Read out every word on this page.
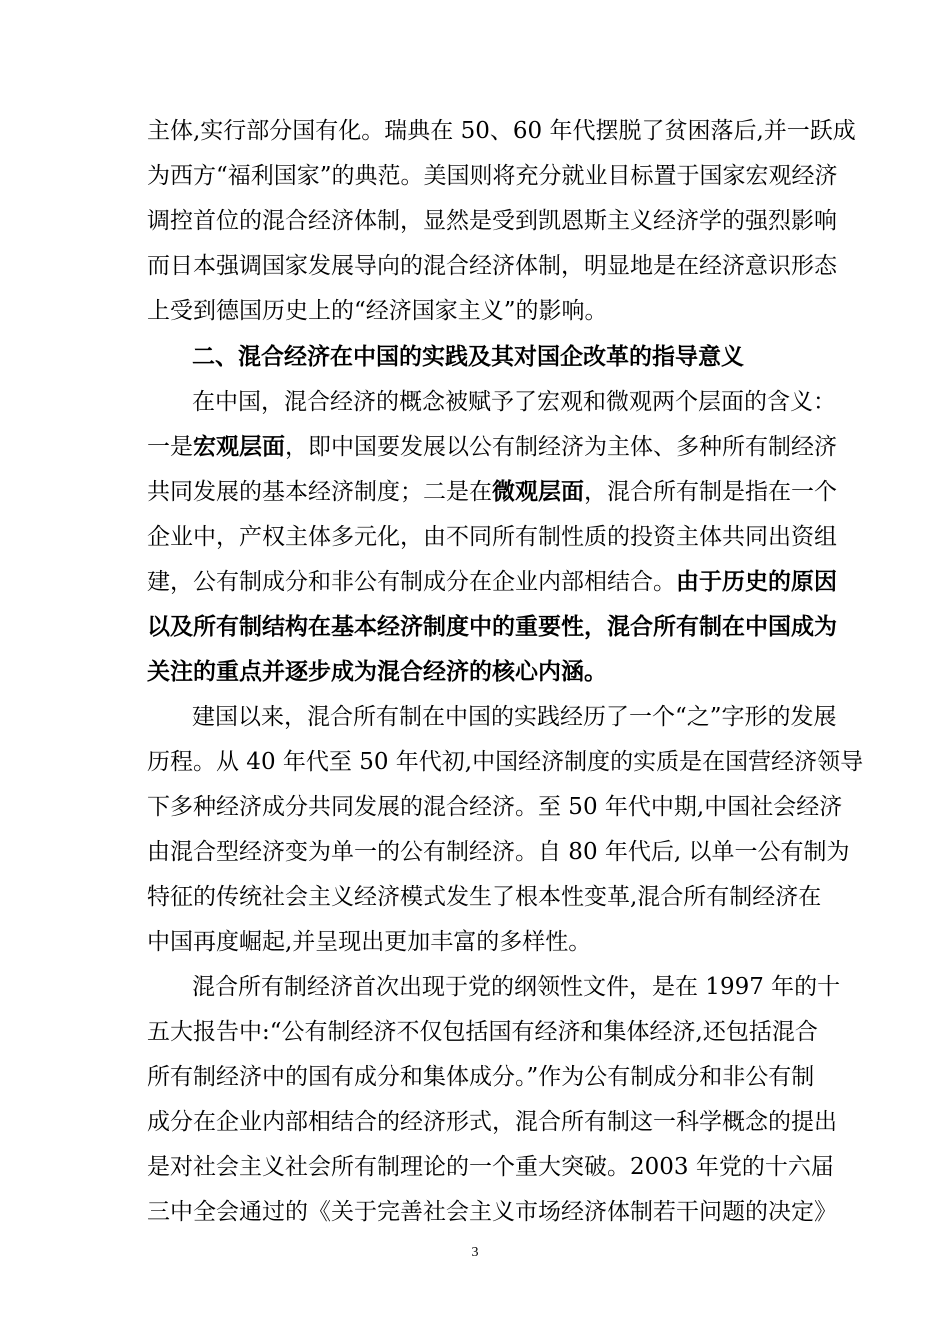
主体,实行部分国有化。瑞典在 50、60 年代摆脱了贫困落后,并一跃成
为西方“福利国家”的典范。美国则将充分就业目标置于国家宏观经济
调控首位的混合经济体制，显然是受到凯恩斯主义经济学的强烈影响
而日本强调国家发展导向的混合经济体制，明显地是在经济意识形态
上受到德国历史上的“经济国家主义”的影响。
二、混合经济在中国的实践及其对国企改革的指导意义
在中国，混合经济的概念被赋予了宏观和微观两个层面的含义：
一是宏观层面，即中国要发展以公有制经济为主体、多种所有制经济
共同发展的基本经济制度；二是在微观层面，混合所有制是指在一个
企业中，产权主体多元化，由不同所有制性质的投资主体共同出资组
建，公有制成分和非公有制成分在企业内部相结合。由于历史的原因
以及所有制结构在基本经济制度中的重要性，混合所有制在中国成为
关注的重点并逐步成为混合经济的核心内涵。
建国以来，混合所有制在中国的实践经历了一个“之”字形的发展
历程。从 40 年代至 50 年代初,中国经济制度的实质是在国营经济领导
下多种经济成分共同发展的混合经济。至 50 年代中期,中国社会经济
由混合型经济变为单一的公有制经济。自 80 年代后, 以单一公有制为
特征的传统社会主义经济模式发生了根本性变革,混合所有制经济在
中国再度崛起,并呈现出更加丰富的多样性。
混合所有制经济首次出现于党的纲领性文件，是在 1997 年的十
五大报告中:“公有制经济不仅包括国有经济和集体经济,还包括混合
所有制经济中的国有成分和集体成分。”作为公有制成分和非公有制
成分在企业内部相结合的经济形式，混合所有制这一科学概念的提出
是对社会主义社会所有制理论的一个重大突破。2003 年党的十六届
三中全会通过的《关于完善社会主义市场经济体制若干问题的决定》
3
